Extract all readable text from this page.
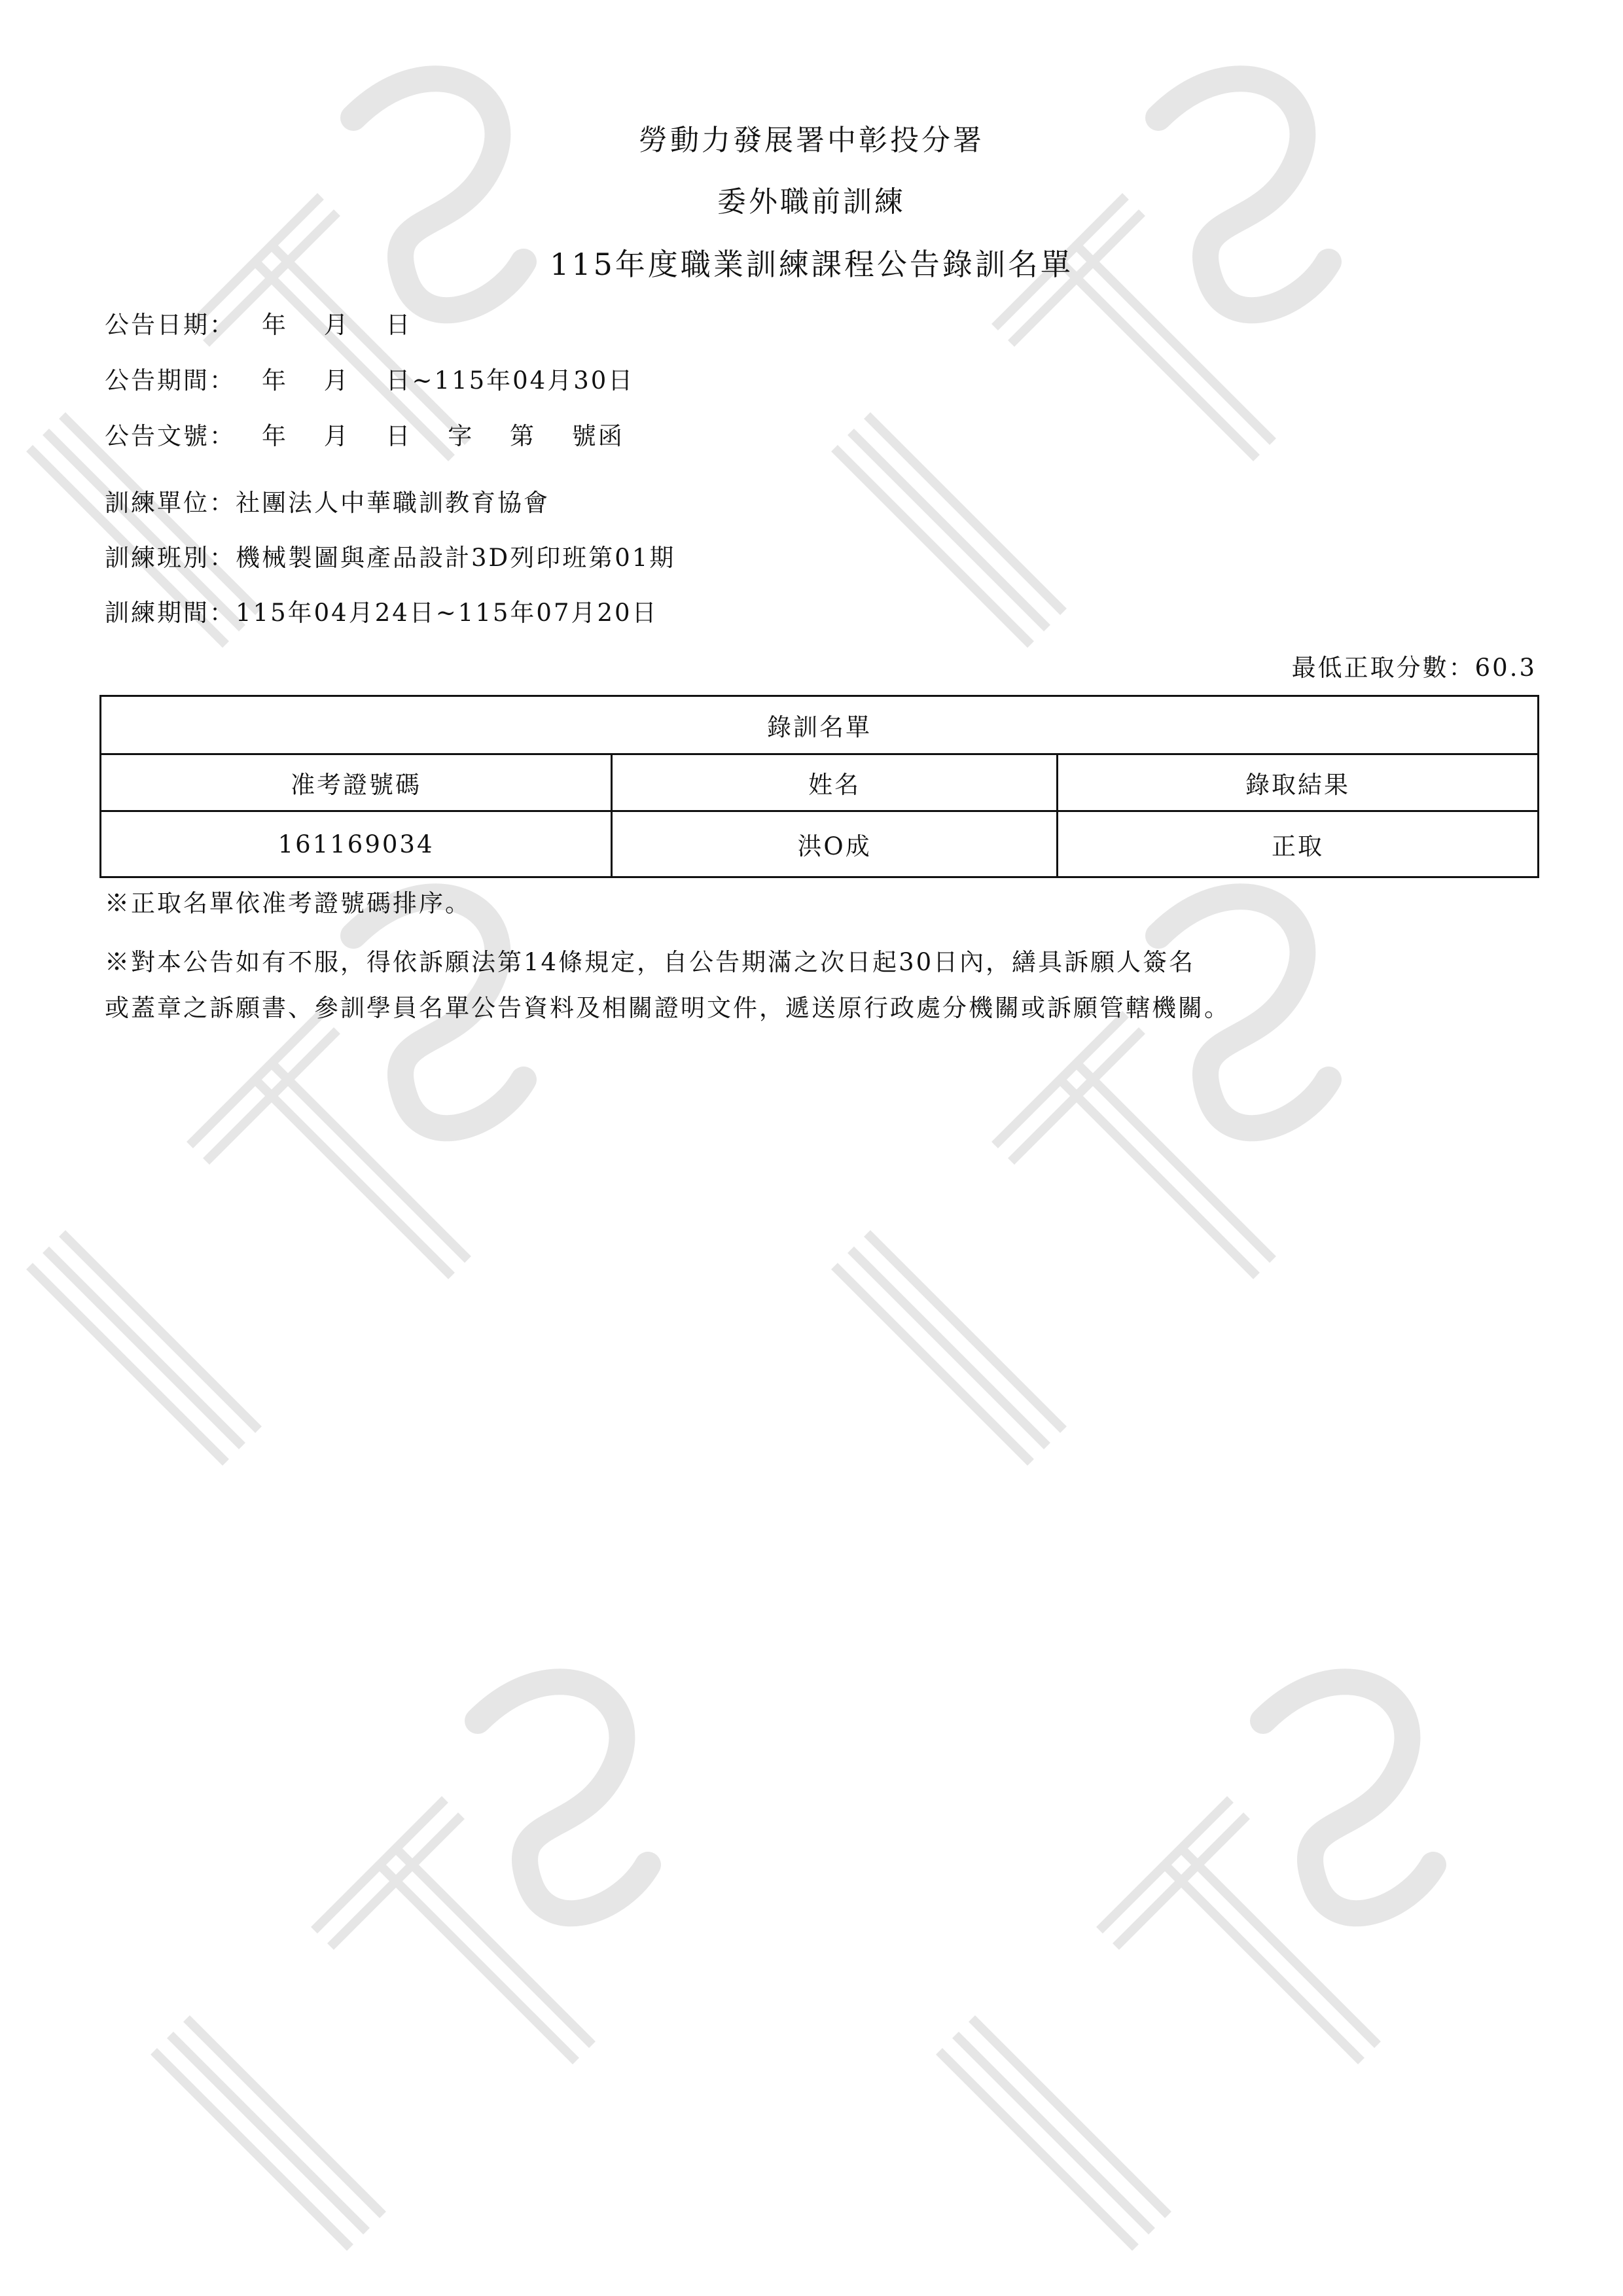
勞動力發展署中彰投分署
委外職前訓練
115年度職業訓練課程公告錄訓名單
公告日期： 年 月 日
公告期間： 年 月 日~115年04月30日
公告文號： 年 月 日 字 第 號函
訓練單位：社團法人中華職訓教育協會
訓練班別：機械製圖與產品設計3D列印班第01期
訓練期間：115年04月24日~115年07月20日
最低正取分數：60.3
錄訓名單		
准考證號碼	姓名	錄取結果
161169034	洪O成	正取
※正取名單依准考證號碼排序。
※對本公告如有不服，得依訴願法第14條規定，自公告期滿之次日起30日內，繕具訴願人簽名
或蓋章之訴願書、參訓學員名單公告資料及相關證明文件，遞送原行政處分機關或訴願管轄機關。
